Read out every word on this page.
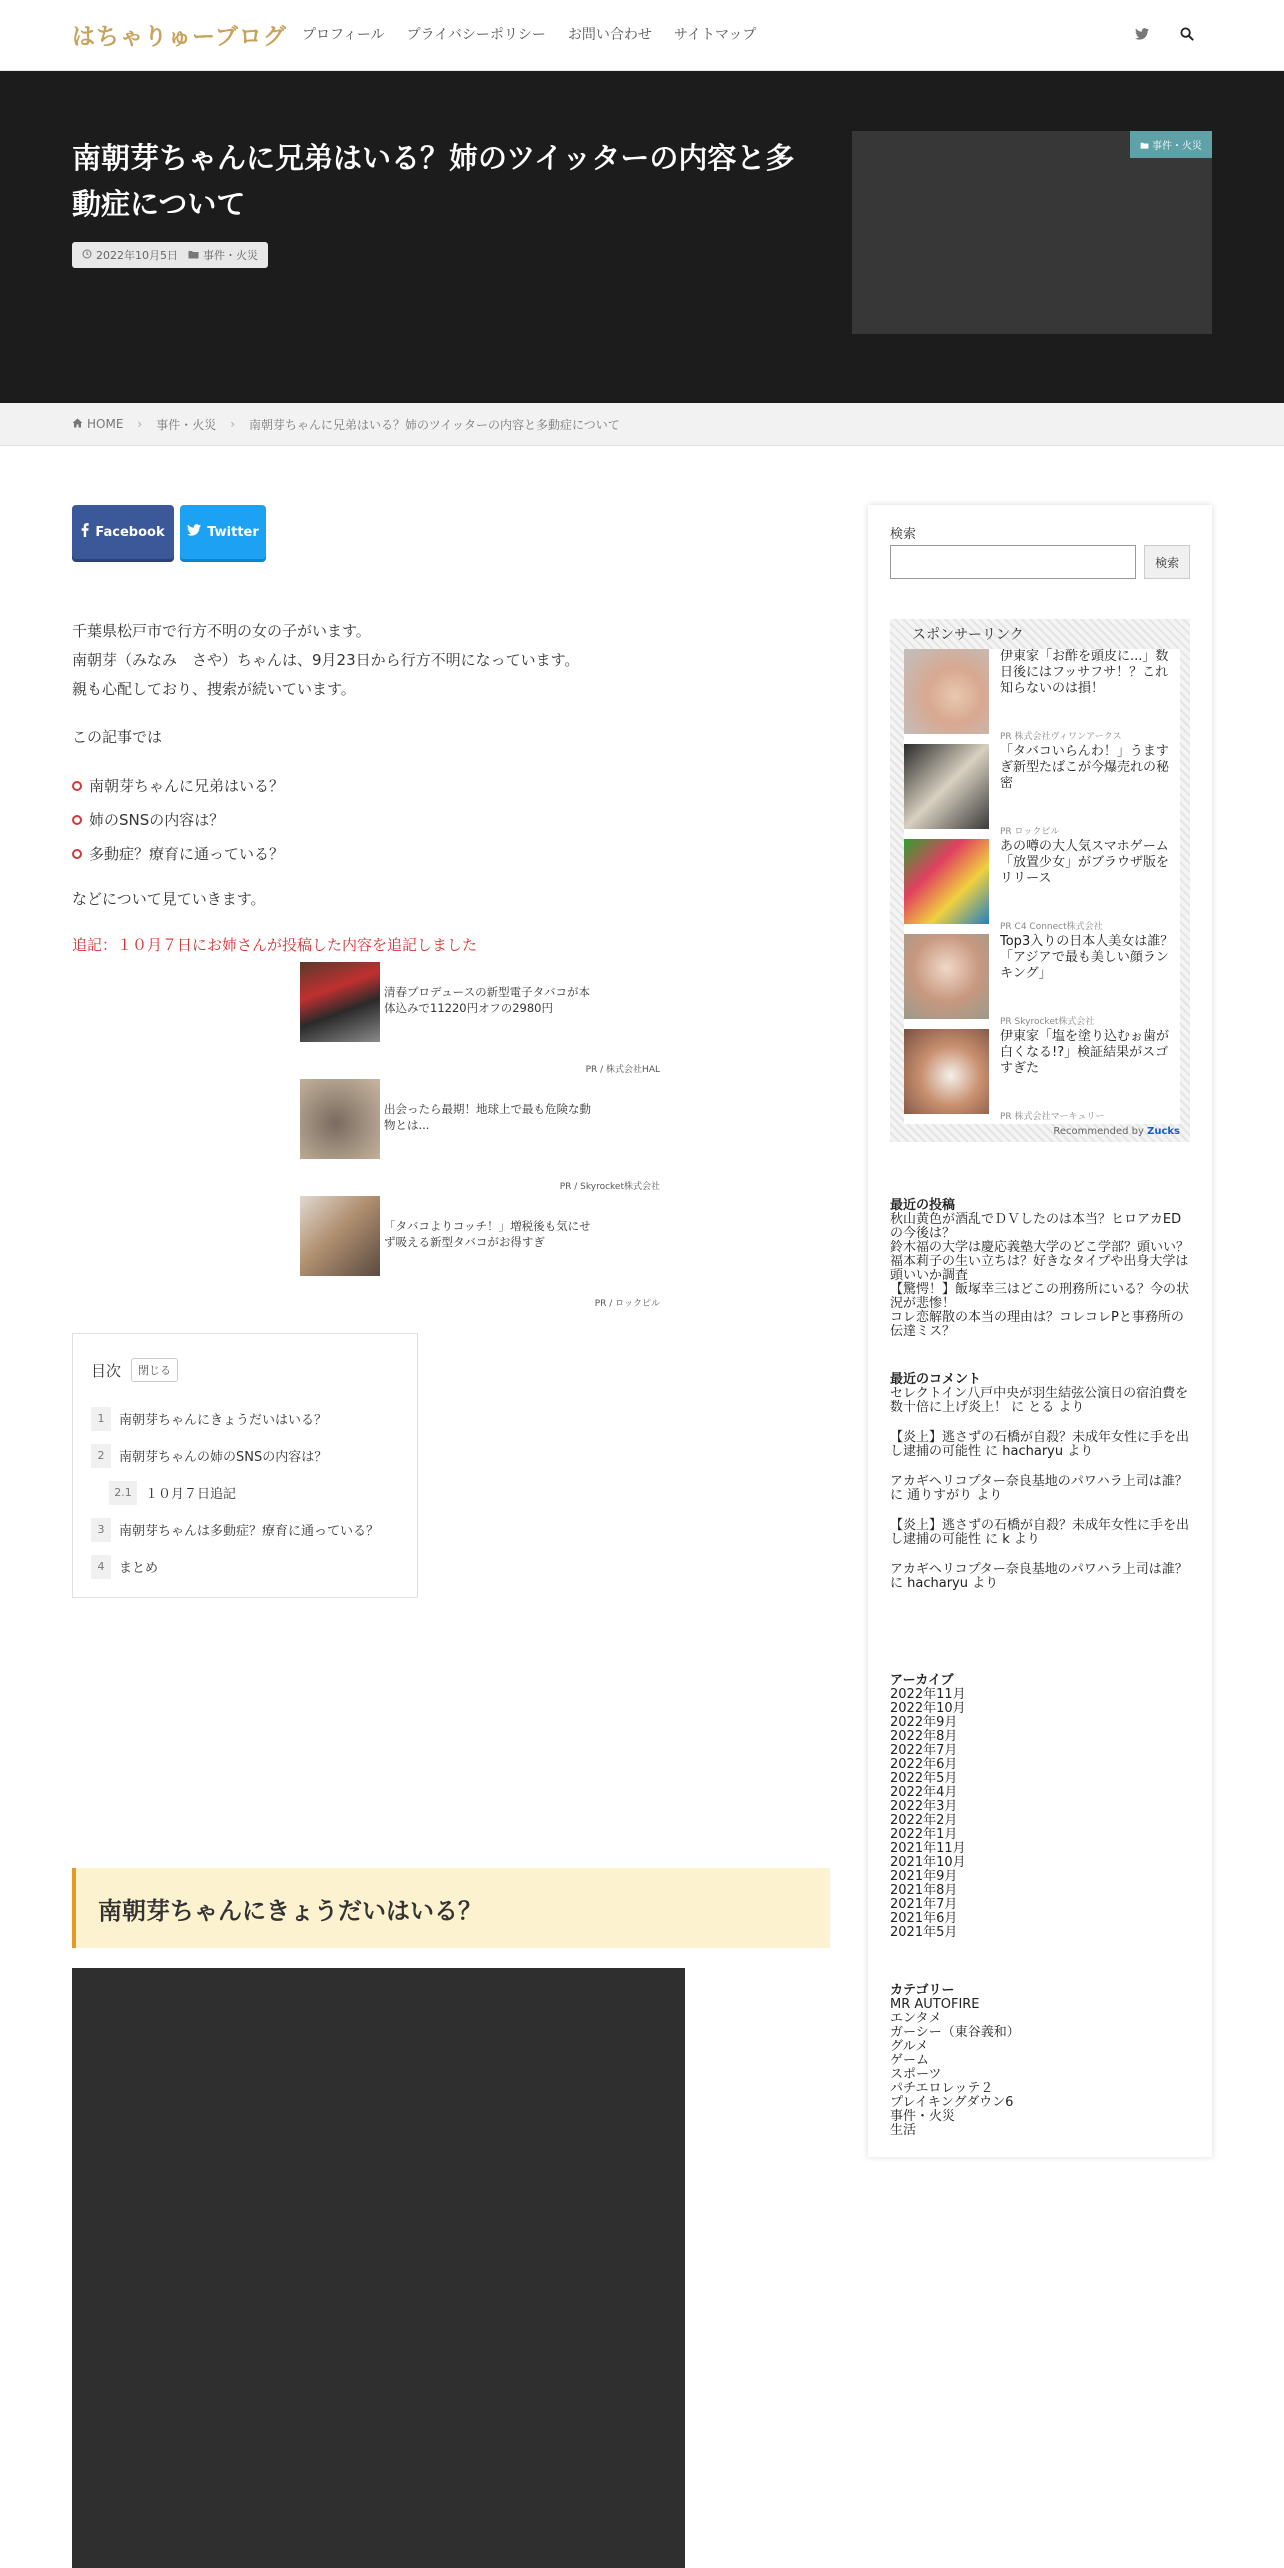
はちゃりゅーブログ プロフィール プライバシーポリシー お問い合わせ サイトマップ
南朝芽ちゃんに兄弟はいる？姉のツイッターの内容と多動症について
2022年10月5日 事件・火災
事件・火災
HOME › 事件・火災 › 南朝芽ちゃんに兄弟はいる？姉のツイッターの内容と多動症について
Facebook	Twitter
千葉県松戸市で行方不明の女の子がいます。
南朝芽（みなみ　さや）ちゃんは、9月23日から行方不明になっています。
親も心配しており、捜索が続いています。
この記事では
南朝芽ちゃんに兄弟はいる？
姉のSNSの内容は？
多動症？療育に通っている？
などについて見ていきます。
追記：１０月７日にお姉さんが投稿した内容を追記しました
清春プロデュースの新型電子タバコが本体込みで11220円オフの2980円
PR / 株式会社HAL
出会ったら最期！地球上で最も危険な動物とは...
PR / Skyrocket株式会社
「タバコよりコッチ！」増税後も気にせず吸える新型タバコがお得すぎ
PR / ロックピル
目次	閉じる
1	南朝芽ちゃんにきょうだいはいる？
2	南朝芽ちゃんの姉のSNSの内容は？
2.1	１０月７日追記
3	南朝芽ちゃんは多動症？療育に通っている？
4	まとめ
南朝芽ちゃんにきょうだいはいる？
検索
検索
スポンサーリンク
伊東家「お酢を頭皮に...」数日後にはフッサフサ！？これ知らないのは損！
PR 株式会社ヴィワンアークス
「タバコいらんわ！」うますぎ新型たばこが今爆売れの秘密
PR ロックピル
あの噂の大人気スマホゲーム「放置少女」がブラウザ版をリリース
PR C4 Connect株式会社
Top3入りの日本人美女は誰？「アジアで最も美しい顔ランキング」
PR Skyrocket株式会社
伊東家「塩を塗り込むぉ歯が白くなる!?」検証結果がスゴすぎた
PR 株式会社マーキュリー
Recommended by Zucks
最近の投稿
秋山黄色が酒乱でＤＶしたのは本当？ヒロアカEDの今後は？
鈴木福の大学は慶応義塾大学のどこ学部？頭いい？
福本莉子の生い立ちは？好きなタイプや出身大学は頭いいか調査
【驚愕！】飯塚幸三はどこの刑務所にいる？今の状況が悲惨！
コレ恋解散の本当の理由は？コレコレPと事務所の伝達ミス？
最近のコメント
セレクトイン八戸中央が羽生結弦公演日の宿泊費を数十倍に上げ炎上！ に とる より
【炎上】逃さずの石橋が自殺？未成年女性に手を出し逮捕の可能性 に hacharyu より
アカギヘリコプター奈良基地のパワハラ上司は誰？ に 通りすがり より
【炎上】逃さずの石橋が自殺？未成年女性に手を出し逮捕の可能性 に k より
アカギヘリコプター奈良基地のパワハラ上司は誰？ に hacharyu より
アーカイブ
2022年11月
2022年10月
2022年9月
2022年8月
2022年7月
2022年6月
2022年5月
2022年4月
2022年3月
2022年2月
2022年1月
2021年11月
2021年10月
2021年9月
2021年8月
2021年7月
2021年6月
2021年5月
カテゴリー
MR AUTOFIRE
エンタメ
ガーシー（東谷義和）
グルメ
ゲーム
スポーツ
パチエロレッテ２
プレイキングダウン6
事件・火災
生活
